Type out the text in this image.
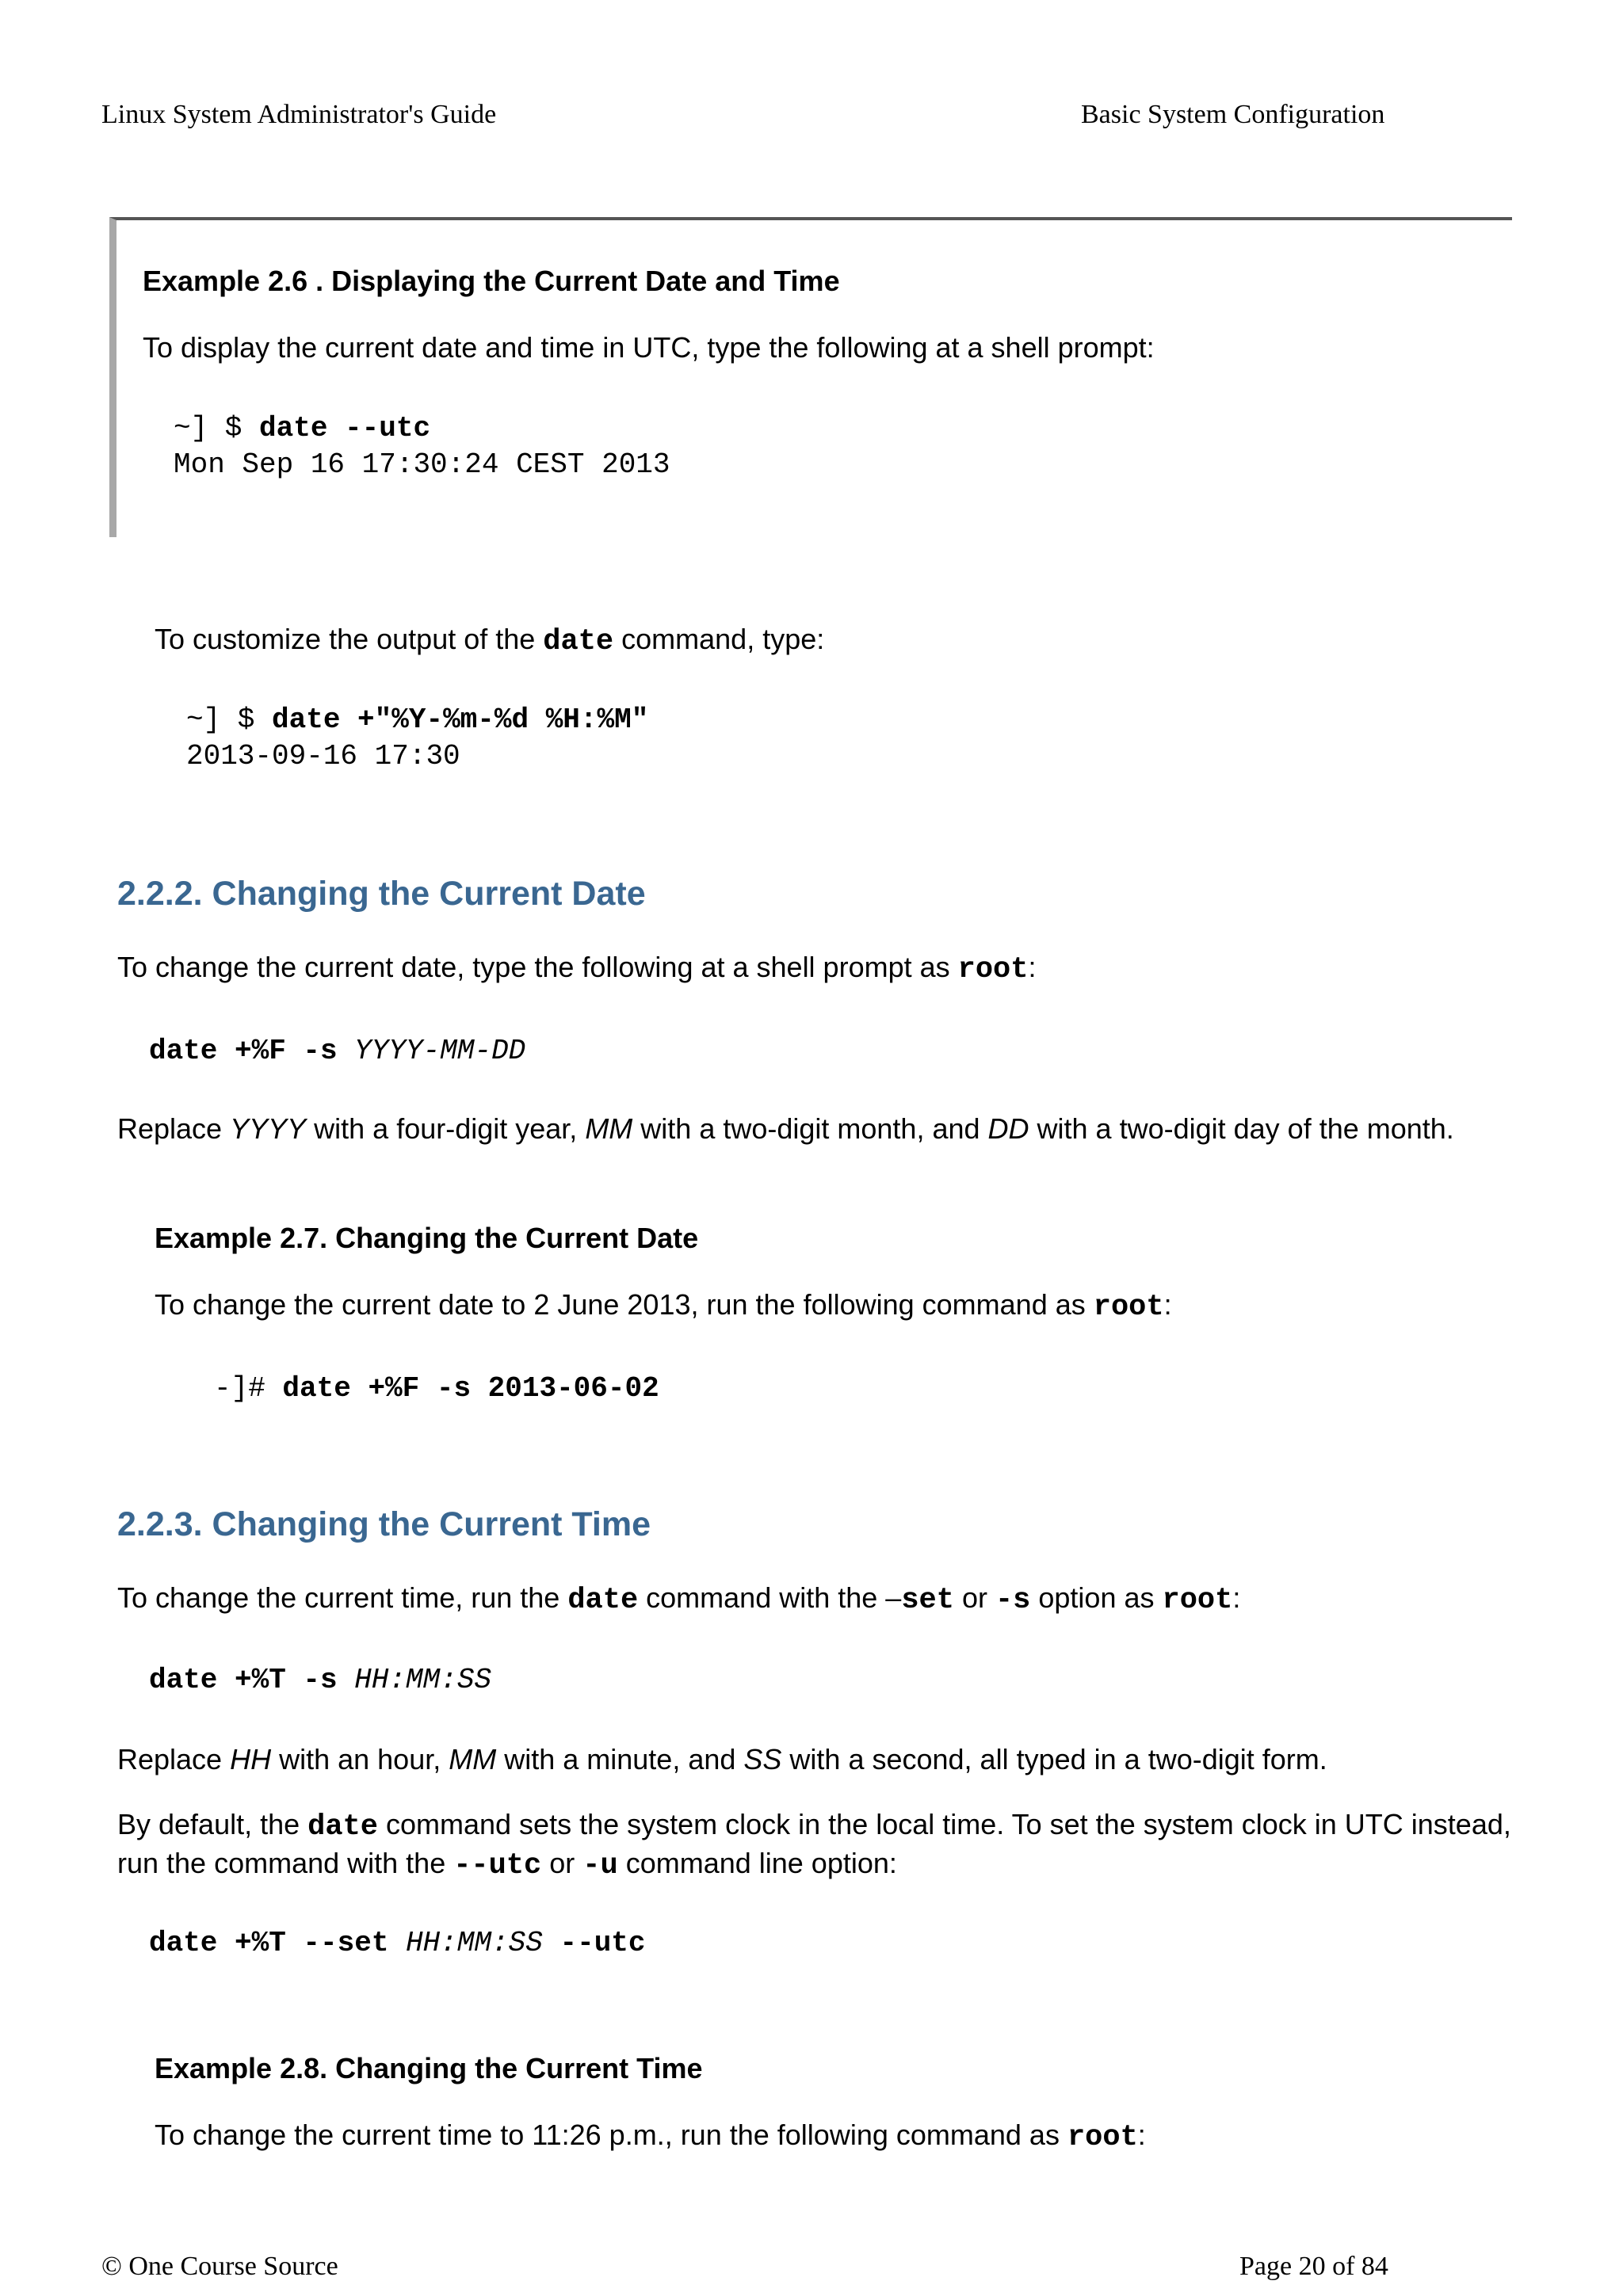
Linux System Administrator's Guide	Basic System Configuration
Example 2.6 . Displaying the Current Date and Time
To display the current date and time in UTC, type the following at a shell prompt:
~] $ date --utc
Mon Sep 16 17:30:24 CEST 2013
To customize the output of the date command, type:
~] $ date +"%Y-%m-%d %H:%M"
2013-09-16 17:30
2.2.2. Changing the Current Date
To change the current date, type the following at a shell prompt as root:
date +%F -s YYYY-MM-DD
Replace YYYY with a four-digit year, MM with a two-digit month, and DD with a two-digit day of the month.
Example 2.7. Changing the Current Date
To change the current date to 2 June 2013, run the following command as root:
-]# date +%F -s 2013-06-02
2.2.3. Changing the Current Time
To change the current time, run the date command with the –set or -s option as root:
date +%T -s HH:MM:SS
Replace HH with an hour, MM with a minute, and SS with a second, all typed in a two-digit form.
By default, the date command sets the system clock in the local time. To set the system clock in UTC instead, run the command with the --utc or -u command line option:
date +%T --set HH:MM:SS --utc
Example 2.8. Changing the Current Time
To change the current time to 11:26 p.m., run the following command as root:
© One Course Source	Page 20 of 84
